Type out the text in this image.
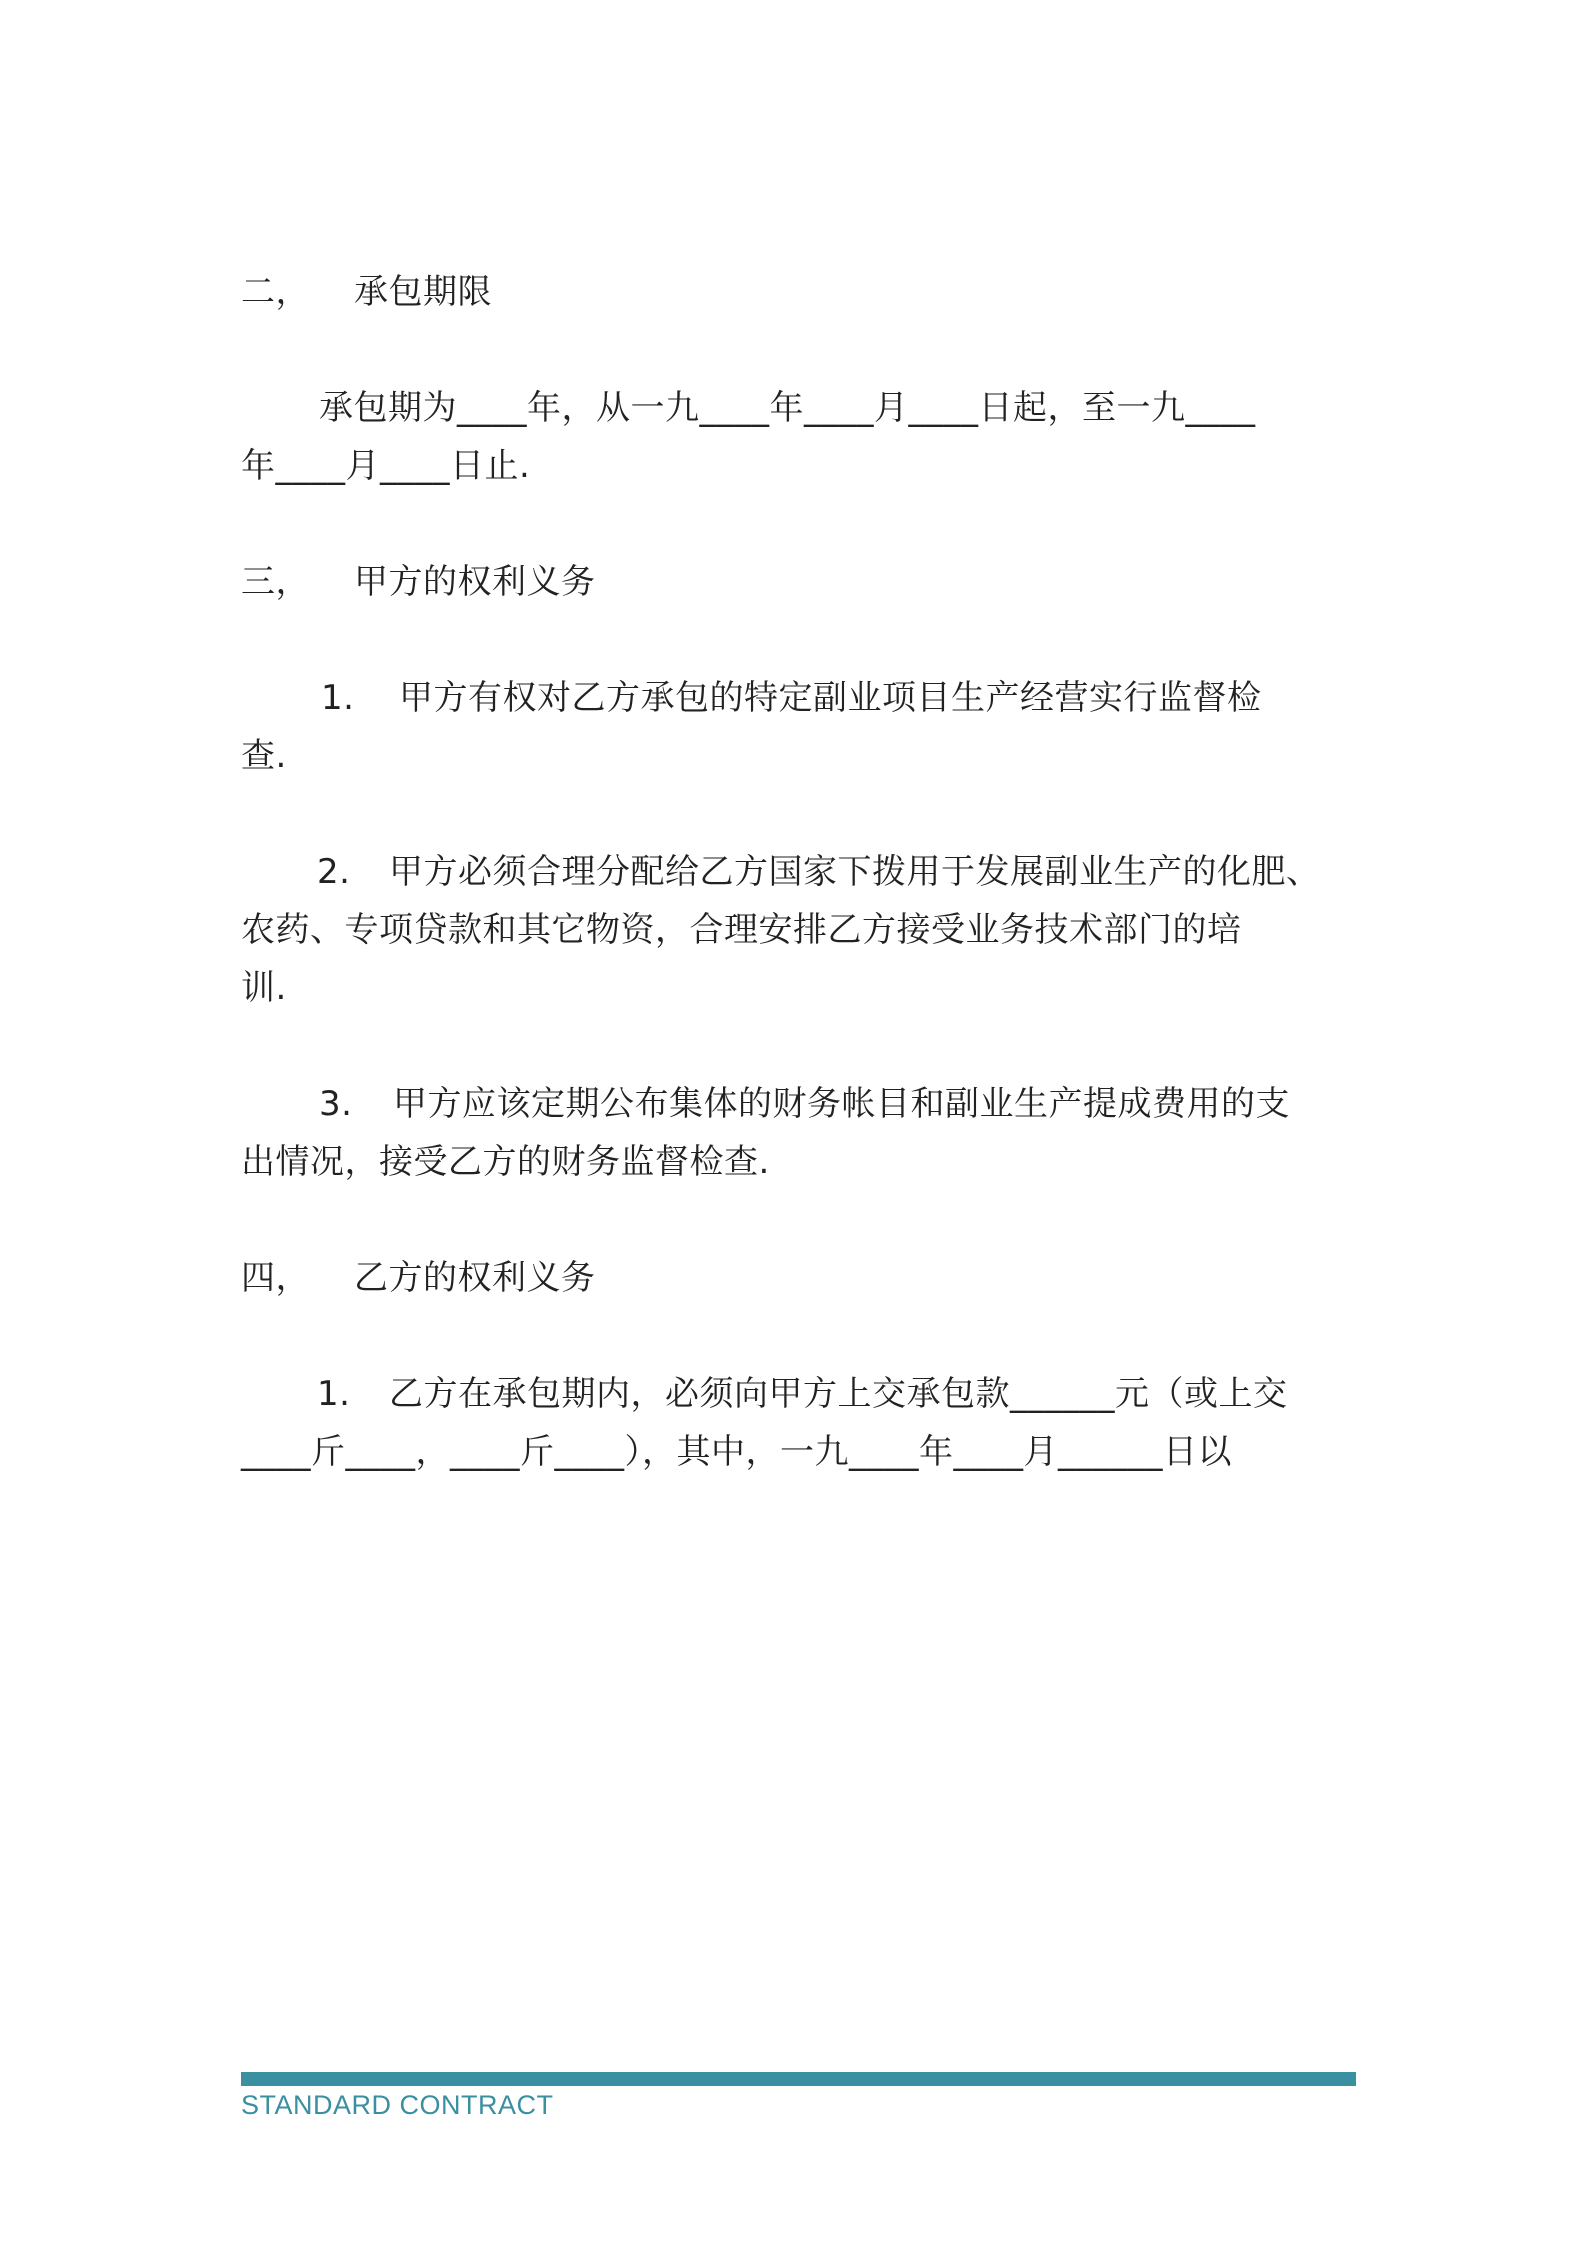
二， 承包期限
承包期为____年，从一九____年____月____日起，至一九____
年____月____日止.
三， 甲方的权利义务
1. 甲方有权对乙方承包的特定副业项目生产经营实行监督检
查.
2. 甲方必须合理分配给乙方国家下拨用于发展副业生产的化肥、
农药、专项贷款和其它物资，合理安排乙方接受业务技术部门的培
训.
3. 甲方应该定期公布集体的财务帐目和副业生产提成费用的支
出情况，接受乙方的财务监督检查.
四， 乙方的权利义务
1. 乙方在承包期内，必须向甲方上交承包款______元（或上交
____斤____，____斤____），其中，一九____年____月______日以
STANDARD CONTRACT
